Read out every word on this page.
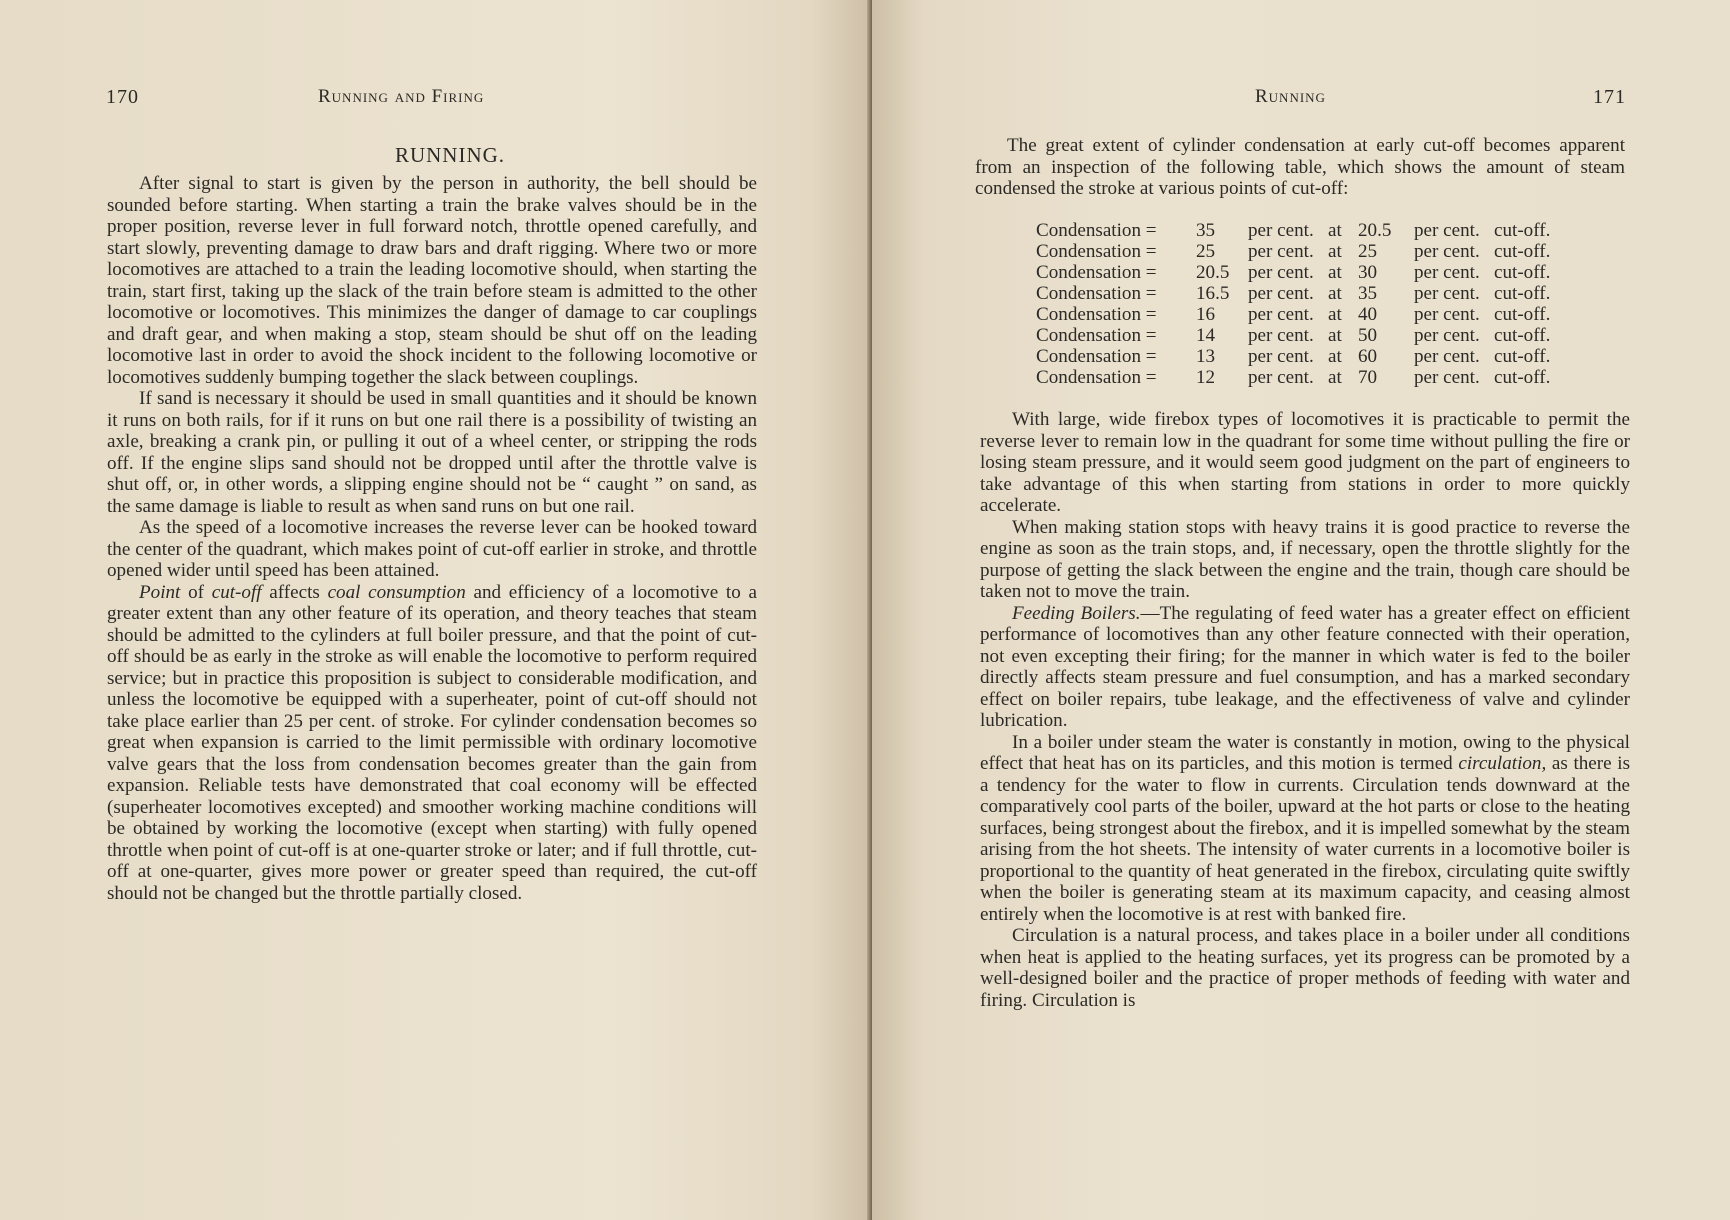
170	Running and Firing
RUNNING.

After signal to start is given by the person in authority, the bell should be sounded before starting. When starting a train the brake valves should be in the proper position, reverse lever in full forward notch, throttle opened carefully, and start slowly, preventing damage to draw bars and draft rigging. Where two or more locomotives are attached to a train the leading locomotive should, when starting the train, start first, taking up the slack of the train before steam is admitted to the other locomotive or locomotives. This minimizes the danger of damage to car couplings and draft gear, and when making a stop, steam should be shut off on the leading locomotive last in order to avoid the shock incident to the following locomotive or locomotives suddenly bumping together the slack between couplings.

If sand is necessary it should be used in small quantities and it should be known it runs on both rails, for if it runs on but one rail there is a possibility of twisting an axle, breaking a crank pin, or pulling it out of a wheel center, or stripping the rods off. If the engine slips sand should not be dropped until after the throttle valve is shut off, or, in other words, a slipping engine should not be “ caught ” on sand, as the same damage is liable to result as when sand runs on but one rail.

As the speed of a locomotive increases the reverse lever can be hooked toward the center of the quadrant, which makes point of cut-off earlier in stroke, and throttle opened wider until speed has been attained.

Point of cut-off affects coal consumption and efficiency of a locomotive to a greater extent than any other feature of its operation, and theory teaches that steam should be admitted to the cylinders at full boiler pressure, and that the point of cut-off should be as early in the stroke as will enable the locomotive to perform required service; but in practice this proposition is subject to considerable modification, and unless the locomotive be equipped with a superheater, point of cut-off should not take place earlier than 25 per cent. of stroke. For cylinder condensation becomes so great when expansion is carried to the limit permissible with ordinary locomotive valve gears that the loss from condensation becomes greater than the gain from expansion. Reliable tests have demonstrated that coal economy will be effected (superheater locomotives excepted) and smoother working machine conditions will be obtained by working the locomotive (except when starting) with fully opened throttle when point of cut-off is at one-quarter stroke or later; and if full throttle, cut-off at one-quarter, gives more power or greater speed than required, the cut-off should not be changed but the throttle partially closed.

Running	171

The great extent of cylinder condensation at early cut-off becomes apparent from an inspection of the following table, which shows the amount of steam condensed the stroke at various points of cut-off:

Condensation =	35	per cent.	at	20.5	per cent.	cut-off.
Condensation =	25	per cent.	at	25	per cent.	cut-off.
Condensation =	20.5	per cent.	at	30	per cent.	cut-off.
Condensation =	16.5	per cent.	at	35	per cent.	cut-off.
Condensation =	16	per cent.	at	40	per cent.	cut-off.
Condensation =	14	per cent.	at	50	per cent.	cut-off.
Condensation =	13	per cent.	at	60	per cent.	cut-off.
Condensation =	12	per cent.	at	70	per cent.	cut-off.

With large, wide firebox types of locomotives it is practicable to permit the reverse lever to remain low in the quadrant for some time without pulling the fire or losing steam pressure, and it would seem good judgment on the part of engineers to take advantage of this when starting from stations in order to more quickly accelerate.

When making station stops with heavy trains it is good practice to reverse the engine as soon as the train stops, and, if necessary, open the throttle slightly for the purpose of getting the slack between the engine and the train, though care should be taken not to move the train.

Feeding Boilers.—The regulating of feed water has a greater effect on efficient performance of locomotives than any other feature connected with their operation, not even excepting their firing; for the manner in which water is fed to the boiler directly affects steam pressure and fuel consumption, and has a marked secondary effect on boiler repairs, tube leakage, and the effectiveness of valve and cylinder lubrication.

In a boiler under steam the water is constantly in motion, owing to the physical effect that heat has on its particles, and this motion is termed circulation, as there is a tendency for the water to flow in currents. Circulation tends downward at the comparatively cool parts of the boiler, upward at the hot parts or close to the heating surfaces, being strongest about the firebox, and it is impelled somewhat by the steam arising from the hot sheets. The intensity of water currents in a locomotive boiler is proportional to the quantity of heat generated in the firebox, circulating quite swiftly when the boiler is generating steam at its maximum capacity, and ceasing almost entirely when the locomotive is at rest with banked fire.

Circulation is a natural process, and takes place in a boiler under all conditions when heat is applied to the heating surfaces, yet its progress can be promoted by a well-designed boiler and the practice of proper methods of feeding with water and firing. Circulation is
